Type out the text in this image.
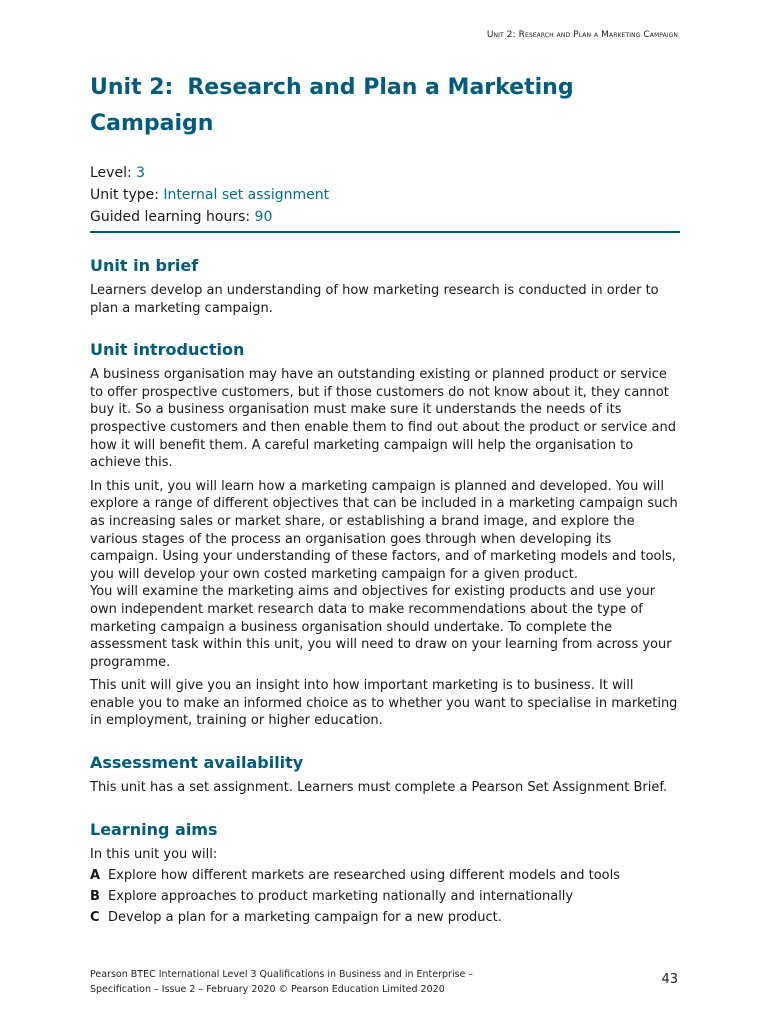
Unit 2: Research and Plan a Marketing Campaign
Unit 2: Research and Plan a Marketing Campaign
Level: 3
Unit type: Internal set assignment
Guided learning hours: 90
Unit in brief

Learners develop an understanding of how marketing research is conducted in order to plan a marketing campaign.

Unit introduction

A business organisation may have an outstanding existing or planned product or service to offer prospective customers, but if those customers do not know about it, they cannot buy it. So a business organisation must make sure it understands the needs of its prospective customers and then enable them to find out about the product or service and how it will benefit them. A careful marketing campaign will help the organisation to achieve this.

In this unit, you will learn how a marketing campaign is planned and developed. You will explore a range of different objectives that can be included in a marketing campaign such as increasing sales or market share, or establishing a brand image, and explore the various stages of the process an organisation goes through when developing its campaign. Using your understanding of these factors, and of marketing models and tools, you will develop your own costed marketing campaign for a given product.

You will examine the marketing aims and objectives for existing products and use your own independent market research data to make recommendations about the type of marketing campaign a business organisation should undertake. To complete the assessment task within this unit, you will need to draw on your learning from across your programme.

This unit will give you an insight into how important marketing is to business. It will enable you to make an informed choice as to whether you want to specialise in marketing in employment, training or higher education.

Assessment availability

This unit has a set assignment. Learners must complete a Pearson Set Assignment Brief.

Learning aims

In this unit you will:

A Explore how different markets are researched using different models and tools
B Explore approaches to product marketing nationally and internationally
C Develop a plan for a marketing campaign for a new product.
Pearson BTEC International Level 3 Qualifications in Business and in Enterprise –
Specification – Issue 2 – February 2020 © Pearson Education Limited 2020
43
